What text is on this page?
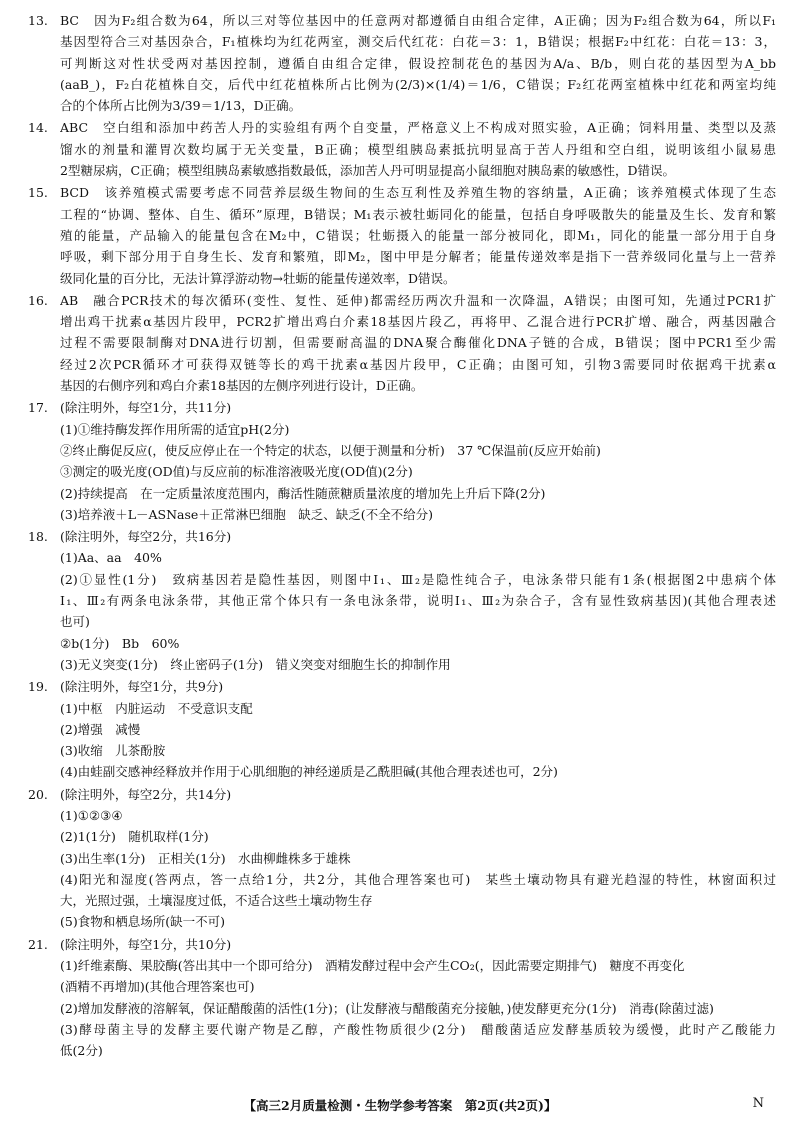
13. BC　因为F₂组合数为64，所以三对等位基因中的任意两对都遵循自由组合定律，A正确；因为F₂组合数为64，所以F₁
基因型符合三对基因杂合，F₁植株均为红花两室，测交后代红花：白花＝3：1，B错误；根据F₂中红花：白花＝13：3，
可判断这对性状受两对基因控制，遵循自由组合定律，假设控制花色的基因为A/a、B/b，则白花的基因型为A_bb
(aaB_)，F₂白花植株自交，后代中红花植株所占比例为(2/3)×(1/4)＝1/6，C错误；F₂红花两室植株中红花和两室均纯
合的个体所占比例为3/39＝1/13，D正确。
14. ABC　空白组和添加中药苦人丹的实验组有两个自变量，严格意义上不构成对照实验，A正确；饲料用量、类型以及蒸
馏水的剂量和灌胃次数均属于无关变量，B正确；模型组胰岛素抵抗明显高于苦人丹组和空白组，说明该组小鼠易患
2型糖尿病，C正确；模型组胰岛素敏感指数最低，添加苦人丹可明显提高小鼠细胞对胰岛素的敏感性，D错误。
15. BCD　该养殖模式需要考虑不同营养层级生物间的生态互利性及养殖生物的容纳量，A正确；该养殖模式体现了生态
工程的“协调、整体、自生、循环”原理，B错误；M₁表示被牡蛎同化的能量，包括自身呼吸散失的能量及生长、发育和繁
殖的能量，产品输入的能量包含在M₂中，C错误；牡蛎摄入的能量一部分被同化，即M₁，同化的能量一部分用于自身
呼吸，剩下部分用于自身生长、发育和繁殖，即M₂，图中甲是分解者；能量传递效率是指下一营养级同化量与上一营养
级同化量的百分比，无法计算浮游动物→牡蛎的能量传递效率，D错误。
16. AB　融合PCR技术的每次循环(变性、复性、延伸)都需经历两次升温和一次降温，A错误；由图可知，先通过PCR1扩
增出鸡干扰素α基因片段甲，PCR2扩增出鸡白介素18基因片段乙，再将甲、乙混合进行PCR扩增、融合，两基因融合
过程不需要限制酶对DNA进行切割，但需要耐高温的DNA聚合酶催化DNA子链的合成，B错误；图中PCR1至少需
经过2次PCR循环才可获得双链等长的鸡干扰素α基因片段甲，C正确；由图可知，引物3需要同时依据鸡干扰素α
基因的右侧序列和鸡白介素18基因的左侧序列进行设计，D正确。
17. (除注明外，每空1分，共11分)
(1)①维持酶发挥作用所需的适宜pH(2分)
②终止酶促反应(，使反应停止在一个特定的状态，以便于测量和分析)　37 ℃保温前(反应开始前)
③测定的吸光度(OD值)与反应前的标准溶液吸光度(OD值)(2分)
(2)持续提高　在一定质量浓度范围内，酶活性随蔗糖质量浓度的增加先上升后下降(2分)
(3)培养液＋L－ASNase＋正常淋巴细胞　缺乏、缺乏(不全不给分)
18. (除注明外，每空2分，共16分)
(1)Aa、aa　40%
(2)①显性(1分)　致病基因若是隐性基因，则图中Ⅰ₁、Ⅲ₂是隐性纯合子，电泳条带只能有1条(根据图2中患病个体
Ⅰ₁、Ⅲ₂有两条电泳条带，其他正常个体只有一条电泳条带，说明Ⅰ₁、Ⅲ₂为杂合子，含有显性致病基因)(其他合理表述
也可)
②b(1分)　Bb　60%
(3)无义突变(1分)　终止密码子(1分)　错义突变对细胞生长的抑制作用
19. (除注明外，每空1分，共9分)
(1)中枢　内脏运动　不受意识支配
(2)增强　减慢
(3)收缩　儿茶酚胺
(4)由蛙副交感神经释放并作用于心肌细胞的神经递质是乙酰胆碱(其他合理表述也可，2分)
20. (除注明外，每空2分，共14分)
(1)①②③④
(2)1(1分)　随机取样(1分)
(3)出生率(1分)　正相关(1分)　水曲柳雌株多于雄株
(4)阳光和湿度(答两点，答一点给1分，共2分，其他合理答案也可)　某些土壤动物具有避光趋湿的特性，林窗面积过
大，光照过强，土壤湿度过低，不适合这些土壤动物生存
(5)食物和栖息场所(缺一不可)
21. (除注明外，每空1分，共10分)
(1)纤维素酶、果胶酶(答出其中一个即可给分)　酒精发酵过程中会产生CO₂(，因此需要定期排气)　糖度不再变化
(酒精不再增加)(其他合理答案也可)
(2)增加发酵液的溶解氧，保证醋酸菌的活性(1分)；(让发酵液与醋酸菌充分接触，)使发酵更充分(1分)　消毒(除菌过滤)
(3)酵母菌主导的发酵主要代谢产物是乙醇，产酸性物质很少(2分)　醋酸菌适应发酵基质较为缓慢，此时产乙酸能力
低(2分)
【高三2月质量检测・生物学参考答案　第2页(共2页)】	N
